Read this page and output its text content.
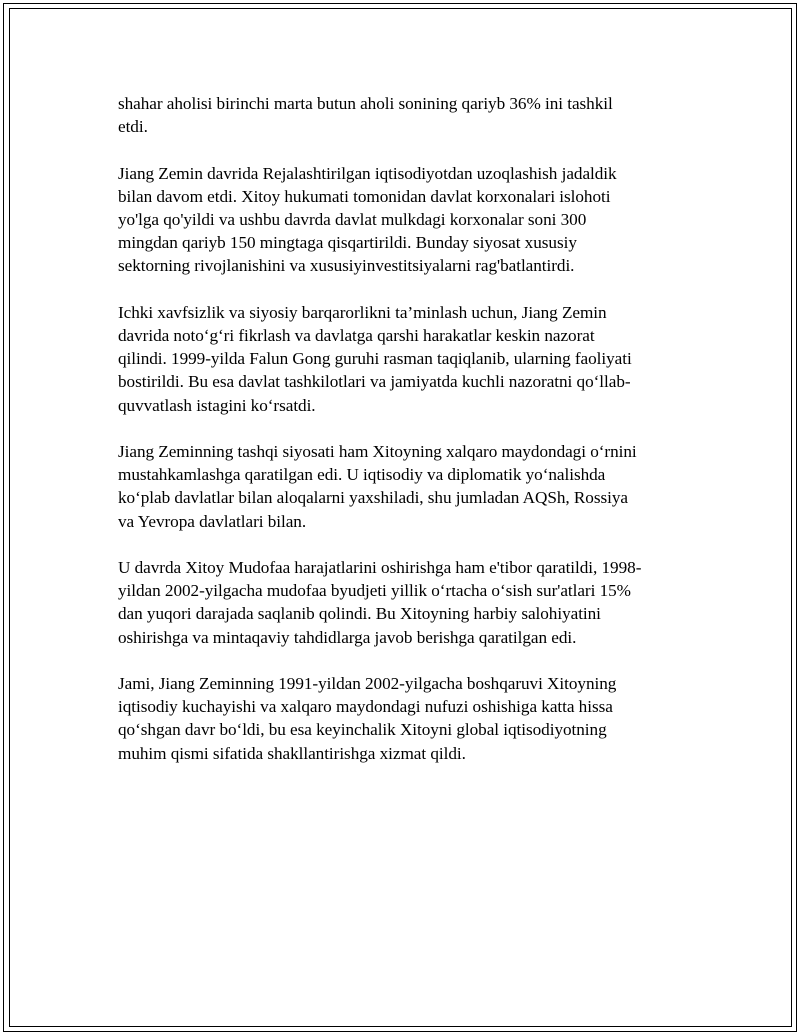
shahar aholisi birinchi marta butun aholi sonining qariyb 36% ini tashkil
etdi.

Jiang Zemin davrida Rejalashtirilgan iqtisodiyotdan uzoqlashish jadaldik
bilan davom etdi. Xitoy hukumati tomonidan davlat korxonalari islohoti
yo'lga qo'yildi va ushbu davrda davlat mulkdagi korxonalar soni 300
mingdan qariyb 150 mingtaga qisqartirildi. Bunday siyosat xususiy
sektorning rivojlanishini va xususiyinvestitsiyalarni rag'batlantirdi.

Ichki xavfsizlik va siyosiy barqarorlikni ta’minlash uchun, Jiang Zemin
davrida noto‘g‘ri fikrlash va davlatga qarshi harakatlar keskin nazorat
qilindi. 1999-yilda Falun Gong guruhi rasman taqiqlanib, ularning faoliyati
bostirildi. Bu esa davlat tashkilotlari va jamiyatda kuchli nazoratni qo‘llab-
quvvatlash istagini ko‘rsatdi.

Jiang Zeminning tashqi siyosati ham Xitoyning xalqaro maydondagi o‘rnini
mustahkamlashga qaratilgan edi. U iqtisodiy va diplomatik yo‘nalishda
ko‘plab davlatlar bilan aloqalarni yaxshiladi, shu jumladan AQSh, Rossiya
va Yevropa davlatlari bilan.

U davrda Xitoy Mudofaa harajatlarini oshirishga ham e'tibor qaratildi, 1998-
yildan 2002-yilgacha mudofaa byudjeti yillik o‘rtacha o‘sish sur'atlari 15%
dan yuqori darajada saqlanib qolindi. Bu Xitoyning harbiy salohiyatini
oshirishga va mintaqaviy tahdidlarga javob berishga qaratilgan edi.

Jami, Jiang Zeminning 1991-yildan 2002-yilgacha boshqaruvi Xitoyning
iqtisodiy kuchayishi va xalqaro maydondagi nufuzi oshishiga katta hissa
qo‘shgan davr bo‘ldi, bu esa keyinchalik Xitoyni global iqtisodiyotning
muhim qismi sifatida shakllantirishga xizmat qildi.
